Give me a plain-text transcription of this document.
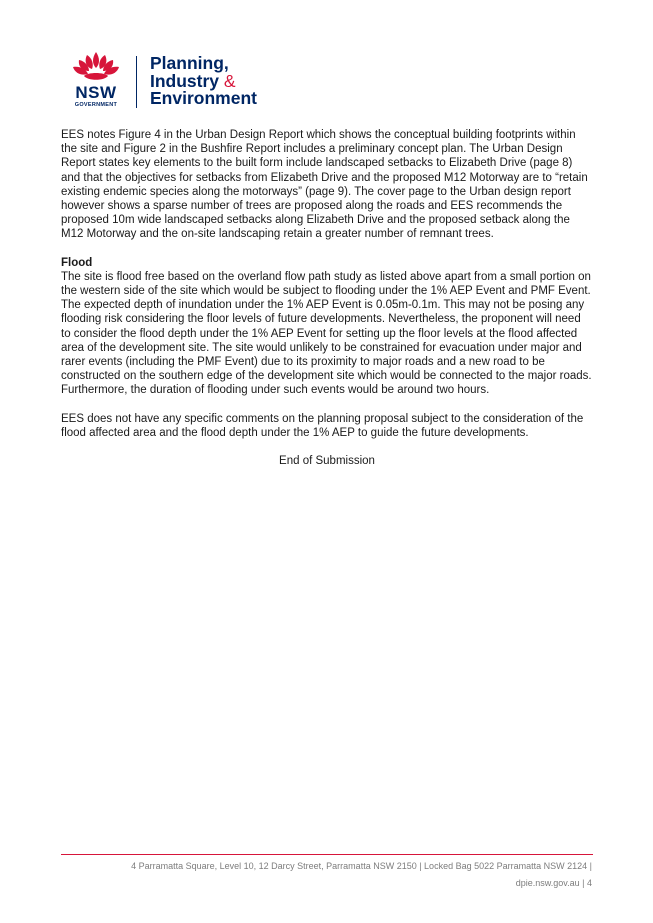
NSW
GOVERNMENT
Planning,
Industry &
Environment

EES notes Figure 4 in the Urban Design Report which shows the conceptual building footprints within the site and Figure 2 in the Bushfire Report includes a preliminary concept plan. The Urban Design Report states key elements to the built form include landscaped setbacks to Elizabeth Drive (page 8) and that the objectives for setbacks from Elizabeth Drive and the proposed M12 Motorway are to “retain existing endemic species along the motorways” (page 9). The cover page to the Urban design report however shows a sparse number of trees are proposed along the roads and EES recommends the proposed 10m wide landscaped setbacks along Elizabeth Drive and the proposed setback along the M12 Motorway and the on-site landscaping retain a greater number of remnant trees.

Flood

The site is flood free based on the overland flow path study as listed above apart from a small portion on the western side of the site which would be subject to flooding under the 1% AEP Event and PMF Event. The expected depth of inundation under the 1% AEP Event is 0.05m-0.1m. This may not be posing any flooding risk considering the floor levels of future developments. Nevertheless, the proponent will need to consider the flood depth under the 1% AEP Event for setting up the floor levels at the flood affected area of the development site. The site would unlikely to be constrained for evacuation under major and rarer events (including the PMF Event) due to its proximity to major roads and a new road to be constructed on the southern edge of the development site which would be connected to the major roads. Furthermore, the duration of flooding under such events would be around two hours.

EES does not have any specific comments on the planning proposal subject to the consideration of the flood affected area and the flood depth under the 1% AEP to guide the future developments.

End of Submission
4 Parramatta Square, Level 10, 12 Darcy Street, Parramatta NSW 2150 | Locked Bag 5022 Parramatta NSW 2124 |
dpie.nsw.gov.au | 4
